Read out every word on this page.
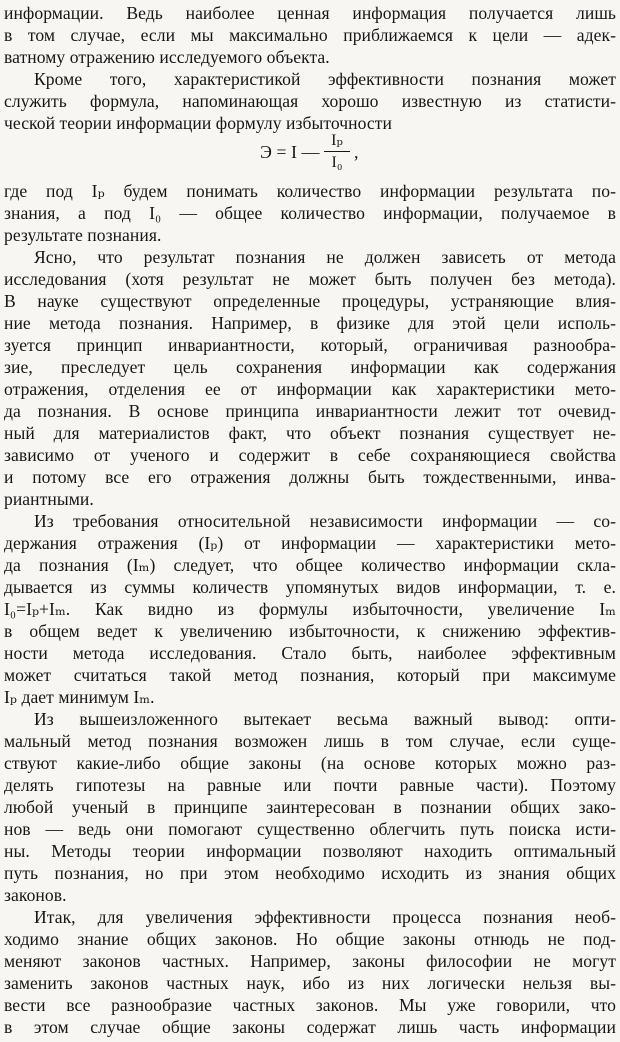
информации. Ведь наиболее ценная информация получается лишь
в том случае, если мы максимально приближаемся к цели — адек-
ватному отражению исследуемого объекта.
Кроме того, характеристикой эффективности познания может
служить формула, напоминающая хорошо известную из статисти-
ческой теории информации формулу избыточности
Э = I —
Iₚ
I₀
,
где под Iₚ будем понимать количество информации результата по-
знания, а под I₀ — общее количество информации, получаемое в
результате познания.
Ясно, что результат познания не должен зависеть от метода
исследования (хотя результат не может быть получен без метода).
В науке существуют определенные процедуры, устраняющие влия-
ние метода познания. Например, в физике для этой цели исполь-
зуется принцип инвариантности, который, ограничивая разнообра-
зие, преследует цель сохранения информации как содержания
отражения, отделения ее от информации как характеристики мето-
да познания. В основе принципа инвариантности лежит тот очевид-
ный для материалистов факт, что объект познания существует не-
зависимо от ученого и содержит в себе сохраняющиеся свойства
и потому все его отражения должны быть тождественными, инва-
риантными.
Из требования относительной независимости информации — со-
держания отражения (Iₚ) от информации — характеристики мето-
да познания (Iₘ) следует, что общее количество информации скла-
дывается из суммы количеств упомянутых видов информации, т. е.
I₀=Iₚ+Iₘ. Как видно из формулы избыточности, увеличение Iₘ
в общем ведет к увеличению избыточности, к снижению эффектив-
ности метода исследования. Стало быть, наиболее эффективным
может считаться такой метод познания, который при максимуме
Iₚ дает минимум Iₘ.
Из вышеизложенного вытекает весьма важный вывод: опти-
мальный метод познания возможен лишь в том случае, если суще-
ствуют какие-либо общие законы (на основе которых можно раз-
делять гипотезы на равные или почти равные части). Поэтому
любой ученый в принципе заинтересован в познании общих зако-
нов — ведь они помогают существенно облегчить путь поиска исти-
ны. Методы теории информации позволяют находить оптимальный
путь познания, но при этом необходимо исходить из знания общих
законов.
Итак, для увеличения эффективности процесса познания необ-
ходимо знание общих законов. Но общие законы отнюдь не под-
меняют законов частных. Например, законы философии не могут
заменить законов частных наук, ибо из них логически нельзя вы-
вести все разнообразие частных законов. Мы уже говорили, что
в этом случае общие законы содержат лишь часть информации
